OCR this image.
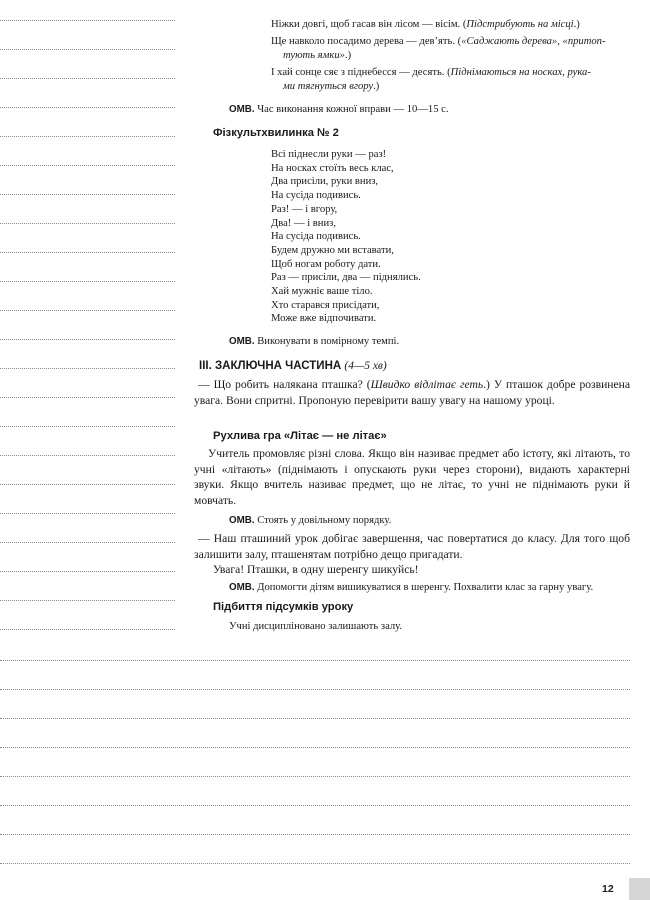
Ніжки довгі, щоб гасав він лісом — вісім. (Підстрибують на місці.)
Ще навколо посадимо дерева — дев’ять. («Саджають дерева», «притоп-
тують ямки».)
І хай сонце сяє з піднебесся — десять. (Піднімаються на носках, рука-
ми тягнуться вгору.)
ОМВ. Час виконання кожної вправи — 10—15 с.
Фізкультхвилинка № 2
Всі піднесли руки — раз!
На носках стоїть весь клас,
Два присіли, руки вниз,
На сусіда подивись.
Раз! — і вгору,
Два! — і вниз,
На сусіда подивись.
Будем дружно ми вставати,
Щоб ногам роботу дати.
Раз — присіли, два — піднялись.
Хай мужніє ваше тіло.
Хто старався присідати,
Може вже відпочивати.
ОМВ. Виконувати в помірному темпі.
ІІІ. ЗАКЛЮЧНА ЧАСТИНА (4—5 хв)
— Що робить налякана пташка? (Швидко відлітає геть.) У пташок добре розвинена увага. Вони спритні. Пропоную перевірити вашу увагу на нашому уроці.
Рухлива гра «Літає — не літає»
Учитель промовляє різні слова. Якщо він називає предмет або істоту, які літають, то учні «літають» (піднімають і опускають руки через сторони), видають характерні звуки. Якщо вчитель називає предмет, що не літає, то учні не піднімають руки й мовчать.
ОМВ. Стоять у довільному порядку.
— Наш пташиний урок добігає завершення, час повертатися до класу. Для того щоб залишити залу, пташенятам потрібно дещо пригадати.
Увага! Пташки, в одну шеренгу шикуйсь!
ОМВ. Допомогти дітям вишикуватися в шеренгу. Похвалити клас за гарну увагу.
Підбиття підсумків уроку
Учні дисципліновано залишають залу.
12
